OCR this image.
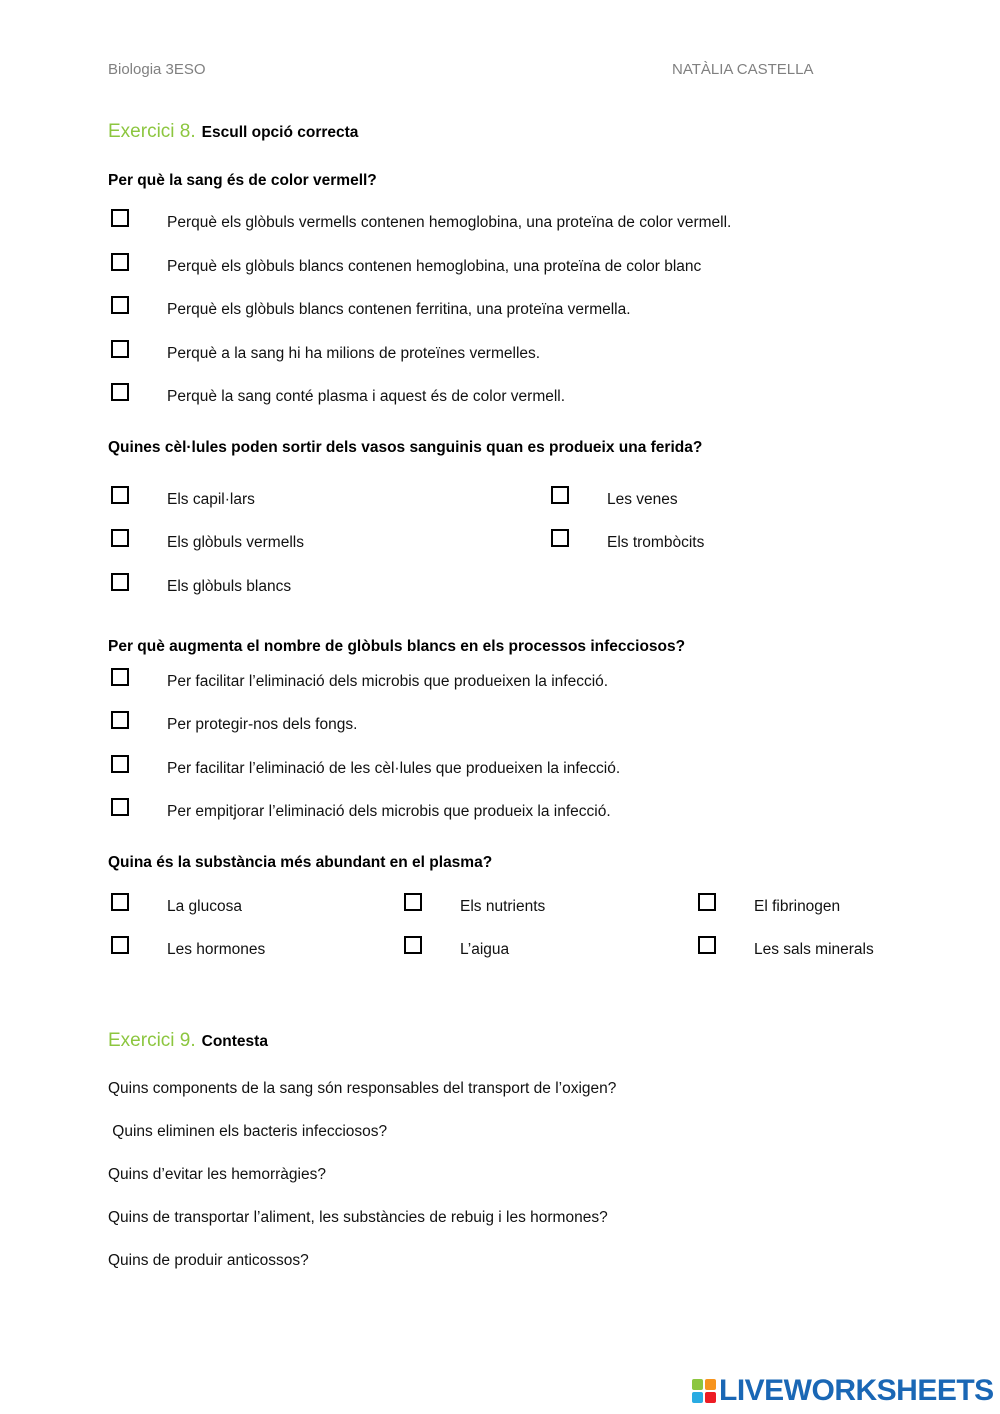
Biologia 3ESO	NATÀLIA CASTELLA
Exercici 8. Escull opció correcta
Per què la sang és de color vermell?
Perquè els glòbuls vermells contenen hemoglobina, una proteïna de color vermell.
Perquè els glòbuls blancs contenen hemoglobina, una proteïna de color blanc
Perquè els glòbuls blancs contenen ferritina, una proteïna vermella.
Perquè a la sang hi ha milions de proteïnes vermelles.
Perquè la sang conté plasma i aquest és de color vermell.
Quines cèl·lules poden sortir dels vasos sanguinis quan es produeix una ferida?
Els capil·lars	Les venes
Els glòbuls vermells	Els trombòcits
Els glòbuls blancs
Per què augmenta el nombre de glòbuls blancs en els processos infecciosos?
Per facilitar l’eliminació dels microbis que produeixen la infecció.
Per protegir-nos dels fongs.
Per facilitar l’eliminació de les cèl·lules que produeixen la infecció.
Per empitjorar l’eliminació dels microbis que produeix la infecció.
Quina és la substància més abundant en el plasma?
La glucosa	Els nutrients	El fibrinogen
Les hormones	L’aigua	Les sals minerals
Exercici 9. Contesta
Quins components de la sang són responsables del transport de l’oxigen?
Quins eliminen els bacteris infecciosos?
Quins d’evitar les hemorràgies?
Quins de transportar l’aliment, les substàncies de rebuig i les hormones?
Quins de produir anticossos?
LIVEWORKSHEETS
